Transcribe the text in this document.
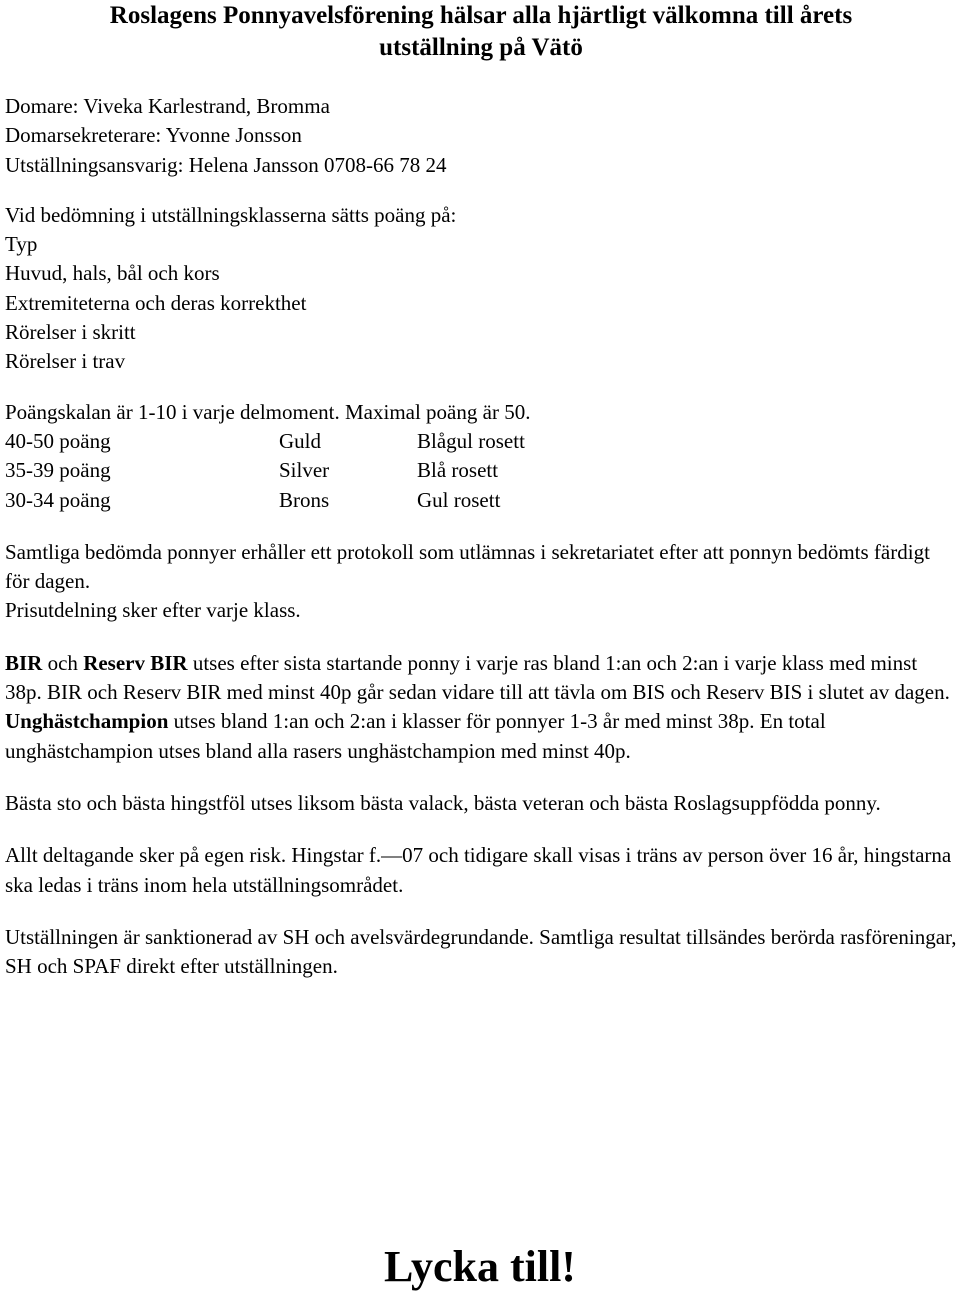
Roslagens Ponnyavelsförening hälsar alla hjärtligt välkomna till årets
utställning på Vätö

Domare: Viveka Karlestrand, Bromma

Domarsekreterare: Yvonne Jonsson

Utställningsansvarig: Helena Jansson 0708-66 78 24

Vid bedömning i utställningsklasserna sätts poäng på:

Typ

Huvud, hals, bål och kors

Extremiteterna och deras korrekthet

Rörelser i skritt

Rörelser i trav

Poängskalan är 1-10 i varje delmoment. Maximal poäng är 50.

40-50 poäng	Guld	Blågul rosett
35-39 poäng	Silver	Blå rosett
30-34 poäng	Brons	Gul rosett

Samtliga bedömda ponnyer erhåller ett protokoll som utlämnas i sekretariatet efter att ponnyn bedömts färdigt för dagen.

Prisutdelning sker efter varje klass.

BIR och Reserv BIR utses efter sista startande ponny i varje ras bland 1:an och 2:an i varje klass med minst 38p. BIR och Reserv BIR med minst 40p går sedan vidare till att tävla om BIS och Reserv BIS i slutet av dagen.

Unghästchampion utses bland 1:an och 2:an i klasser för ponnyer 1-3 år med minst 38p. En total unghästchampion utses bland alla rasers unghästchampion med minst 40p.

Bästa sto och bästa hingstföl utses liksom bästa valack, bästa veteran och bästa Roslagsuppfödda ponny.

Allt deltagande sker på egen risk. Hingstar f.—07 och tidigare skall visas i träns av person över 16 år, hingstarna ska ledas i träns inom hela utställningsområdet.

Utställningen är sanktionerad av SH och avelsvärdegrundande. Samtliga resultat tillsändes berörda rasföreningar, SH och SPAF direkt efter utställningen.

Lycka till!
